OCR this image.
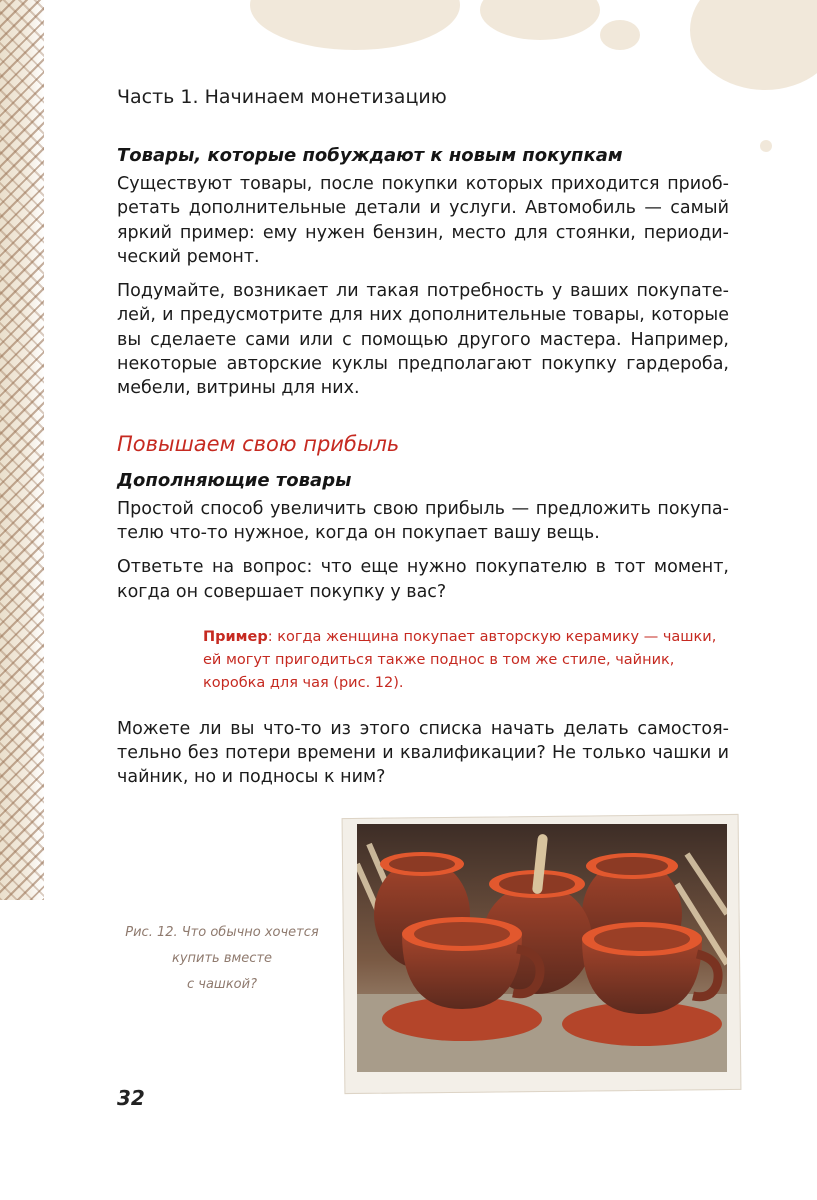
Часть 1. Начинаем монетизацию
Товары, которые побуждают к новым покупкам

Существуют товары, после покупки которых приходится приобретать дополнительные детали и услуги. Автомобиль — самый яркий пример: ему нужен бензин, место для стоянки, периодический ремонт.

Подумайте, возникает ли такая потребность у ваших покупателей, и предусмотрите для них дополнительные товары, которые вы сделаете сами или с помощью другого мастера. Например, некоторые авторские куклы предполагают покупку гардероба, мебели, витрины для них.

Повышаем свою прибыль
Дополняющие товары

Простой способ увеличить свою прибыль — предложить покупателю что-то нужное, когда он покупает вашу вещь.

Ответьте на вопрос: что еще нужно покупателю в тот момент, когда он совершает покупку у вас?

Пример: когда женщина покупает авторскую керамику — чашки, ей могут пригодиться также поднос в том же стиле, чайник, коробка для чая (рис. 12).

Можете ли вы что-то из этого списка начать делать самостоятельно без потери времени и квалификации? Не только чашки и чайник, но и подносы к ним?

Рис. 12. Что обычно хочется
купить вместе
с чашкой?
32
